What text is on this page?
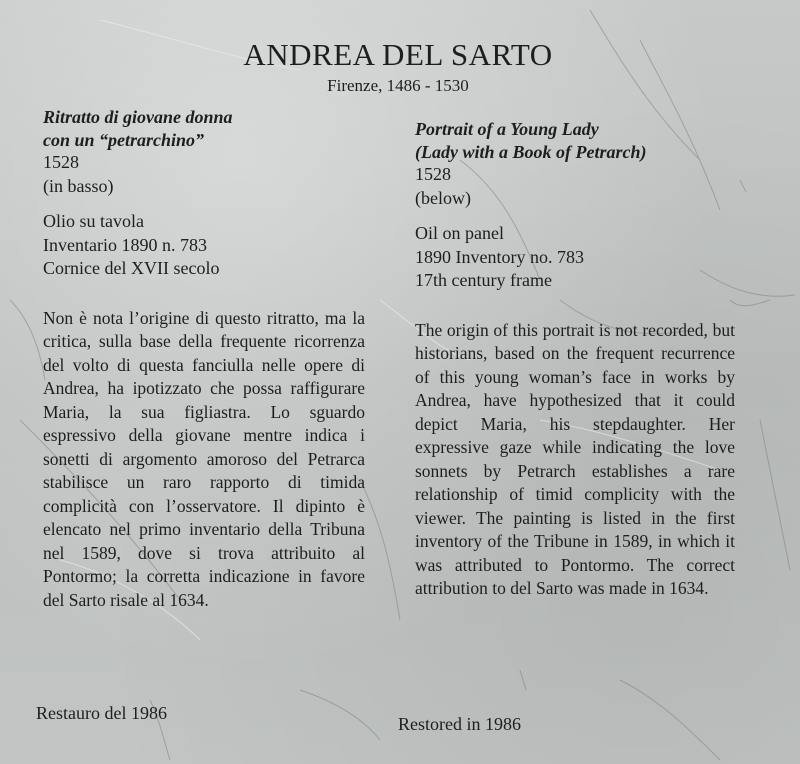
ANDREA DEL SARTO
Firenze, 1486 - 1530
Ritratto di giovane donna
con un “petrarchino”
1528
(in basso)
Olio su tavola
Inventario 1890 n. 783
Cornice del XVII secolo
Non è nota l’origine di questo ritratto, ma la critica, sulla base della frequente ricorrenza del volto di questa fanciulla nelle opere di Andrea, ha ipotizzato che possa raffigurare Maria, la sua figliastra. Lo sguardo espressivo della giovane mentre indica i sonetti di argomento amoroso del Petrarca stabilisce un raro rapporto di timida complicità con l’osservatore. Il dipinto è elencato nel primo inventario della Tribuna nel 1589, dove si trova attribuito al Pontormo; la corretta indicazione in favore del Sarto risale al 1634.
Portrait of a Young Lady
(Lady with a Book of Petrarch)
1528
(below)
Oil on panel
1890 Inventory no. 783
17th century frame
The origin of this portrait is not recorded, but historians, based on the frequent recurrence of this young woman’s face in works by Andrea, have hypothesized that it could depict Maria, his stepdaughter. Her expressive gaze while indicating the love sonnets by Petrarch establishes a rare relationship of timid complicity with the viewer. The painting is listed in the first inventory of the Tribune in 1589, in which it was attributed to Pontormo. The correct attribution to del Sarto was made in 1634.
Restauro del 1986
Restored in 1986
